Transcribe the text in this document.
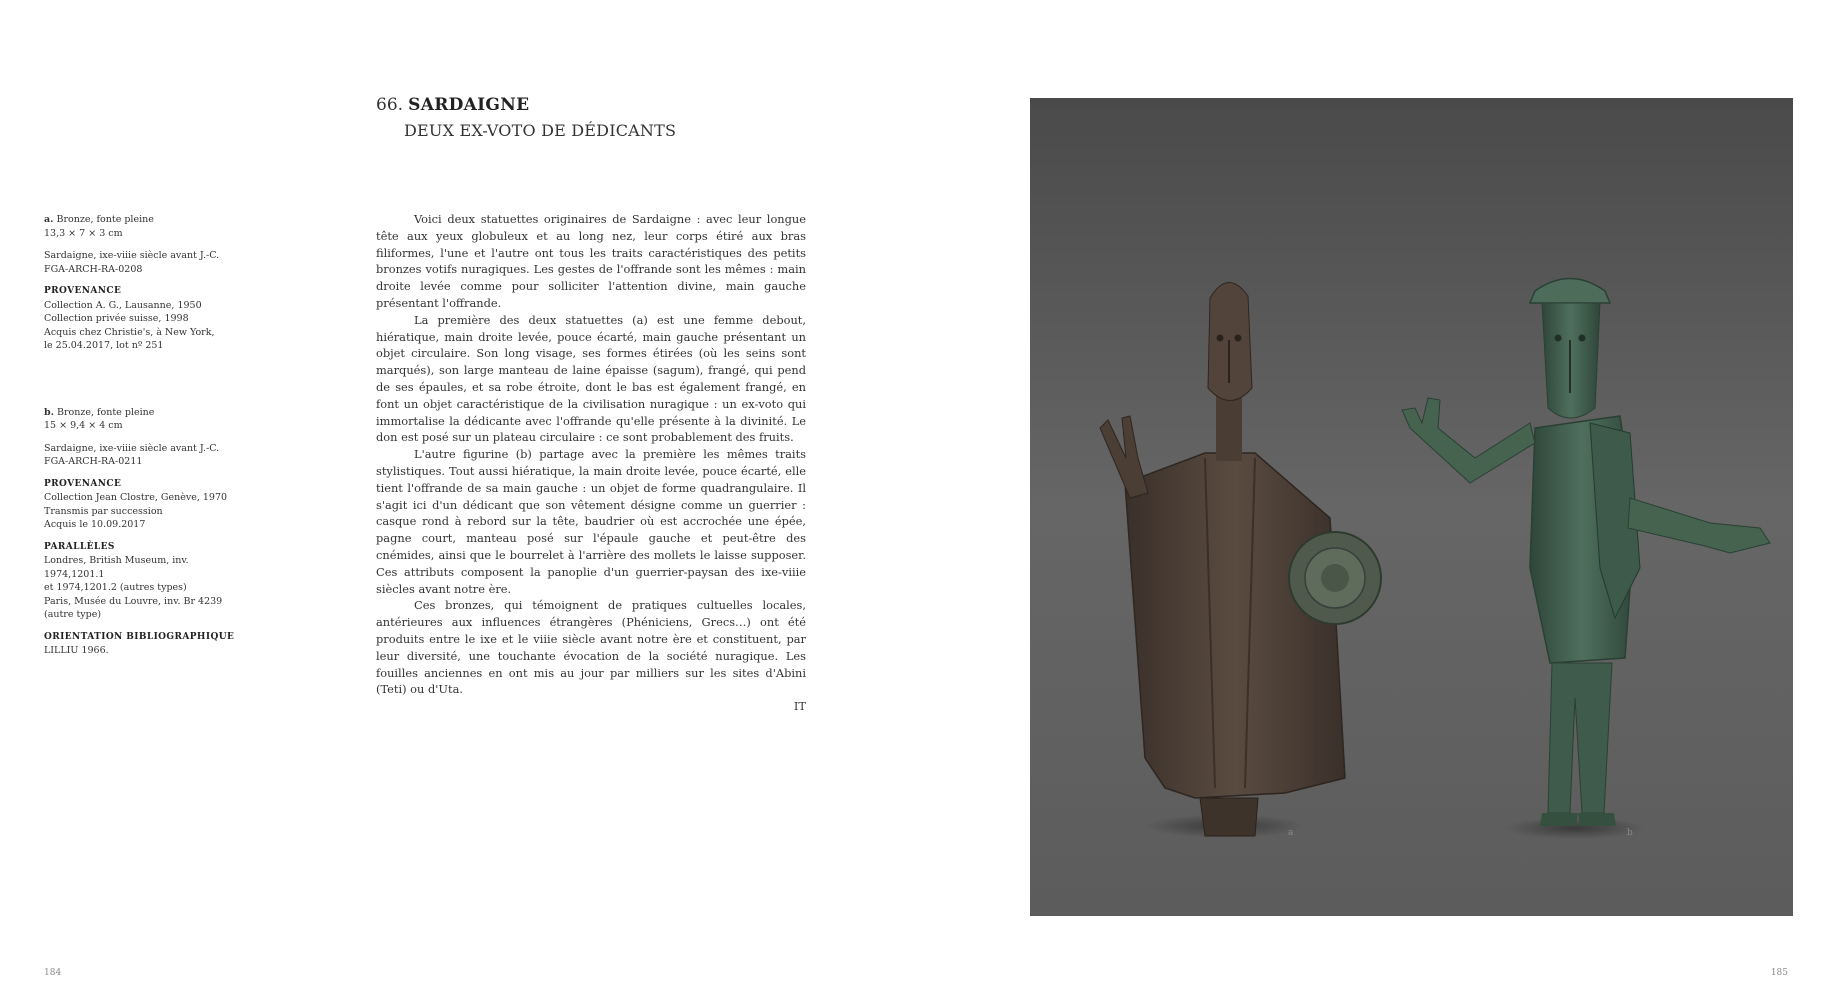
66. SARDAIGNE
DEUX EX-VOTO DE DÉDICANTS

a. Bronze, fonte pleine

13,3 × 7 × 3 cm

Sardaigne, ixe-viiie siècle avant J.-C.

FGA-ARCH-RA-0208

PROVENANCE

Collection A. G., Lausanne, 1950

Collection privée suisse, 1998

Acquis chez Christie's, à New York,

le 25.04.2017, lot nº 251

b. Bronze, fonte pleine

15 × 9,4 × 4 cm

Sardaigne, ixe-viiie siècle avant J.-C.

FGA-ARCH-RA-0211

PROVENANCE

Collection Jean Clostre, Genève, 1970

Transmis par succession

Acquis le 10.09.2017

PARALLÈLES

Londres, British Museum, inv. 1974,1201.1

et 1974,1201.2 (autres types)

Paris, Musée du Louvre, inv. Br 4239

(autre type)

ORIENTATION BIBLIOGRAPHIQUE

LILLIU 1966.

Voici deux statuettes originaires de Sardaigne : avec leur longue tête aux yeux globuleux et au long nez, leur corps étiré aux bras filiformes, l'une et l'autre ont tous les traits caractéristiques des petits bronzes votifs nuragiques. Les gestes de l'offrande sont les mêmes : main droite levée comme pour solliciter l'attention divine, main gauche présentant l'offrande.

La première des deux statuettes (a) est une femme debout, hiératique, main droite levée, pouce écarté, main gauche présentant un objet circulaire. Son long visage, ses formes étirées (où les seins sont marqués), son large manteau de laine épaisse (sagum), frangé, qui pend de ses épaules, et sa robe étroite, dont le bas est également frangé, en font un objet caractéristique de la civilisation nuragique : un ex-voto qui immortalise la dédicante avec l'offrande qu'elle présente à la divinité. Le don est posé sur un plateau circulaire : ce sont probablement des fruits.

L'autre figurine (b) partage avec la première les mêmes traits stylistiques. Tout aussi hiératique, la main droite levée, pouce écarté, elle tient l'offrande de sa main gauche : un objet de forme quadrangulaire. Il s'agit ici d'un dédicant que son vêtement désigne comme un guerrier : casque rond à rebord sur la tête, baudrier où est accrochée une épée, pagne court, manteau posé sur l'épaule gauche et peut-être des cnémides, ainsi que le bourrelet à l'arrière des mollets le laisse supposer. Ces attributs composent la panoplie d'un guerrier-paysan des ixe-viiie siècles avant notre ère.

Ces bronzes, qui témoignent de pratiques cultuelles locales, antérieures aux influences étrangères (Phéniciens, Grecs…) ont été produits entre le ixe et le viiie siècle avant notre ère et constituent, par leur diversité, une touchante évocation de la société nuragique. Les fouilles anciennes en ont mis au jour par milliers sur les sites d'Abini (Teti) ou d'Uta.

IT

a	b
184	185
